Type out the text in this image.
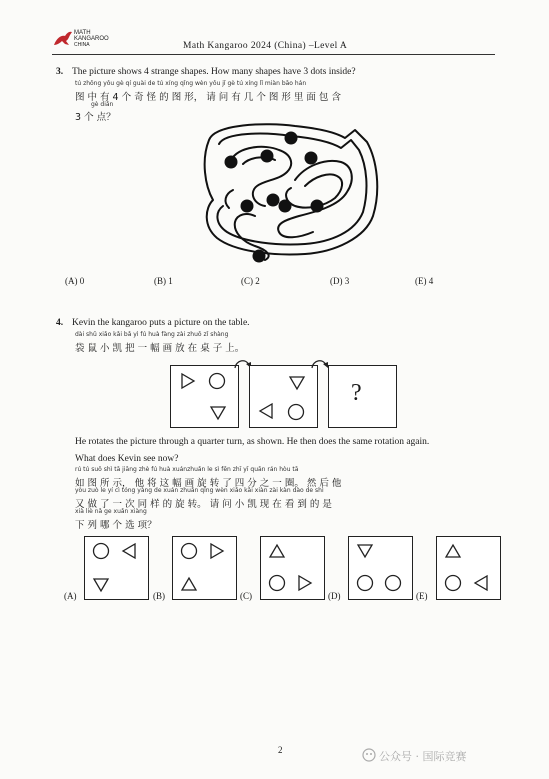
MATH
KANGAROO
CHINA	Math Kangaroo 2024 (China) –Level A
3. The picture shows 4 strange shapes. How many shapes have 3 dots inside?
tú zhōng yǒu gè qí guài de tú xíng qǐng wèn yǒu jǐ gè tú xíng lǐ miàn bāo hán
图 中 有 4 个 奇 怪 的 图 形， 请 问 有 几 个 图 形 里 面 包 含
gè diǎn
3 个 点？
(A) 0	(B) 1	(C) 2	(D) 3	(E) 4
4. Kevin the kangaroo puts a picture on the table.
dài shǔ xiǎo kǎi bǎ yì fú huà fàng zài zhuō zǐ shàng
袋 鼠 小 凯 把 一 幅 画 放 在 桌 子 上。
?
He rotates the picture through a quarter turn, as shown. He then does the same rotation again.
What does Kevin see now?
rú tú suǒ shì tā jiāng zhè fú huà xuánzhuǎn le sì fēn zhī yī quān rán hòu tā
如 图 所 示， 他 将 这 幅 画 旋 转 了 四 分 之 一 圈。 然 后 他
yòu zuò le yí cì tóng yàng de xuán zhuǎn qǐng wèn xiǎo kǎi xiàn zài kàn dào de shì
又 做 了 一 次 同 样 的 旋 转。 请 问 小 凯 现 在 看 到 的 是
xià liè nǎ ge xuǎn xiàng
下 列 哪 个 选 项？
(A)	(B)	(C)	(D)	(E)
2	公众号 · 国际竞赛
